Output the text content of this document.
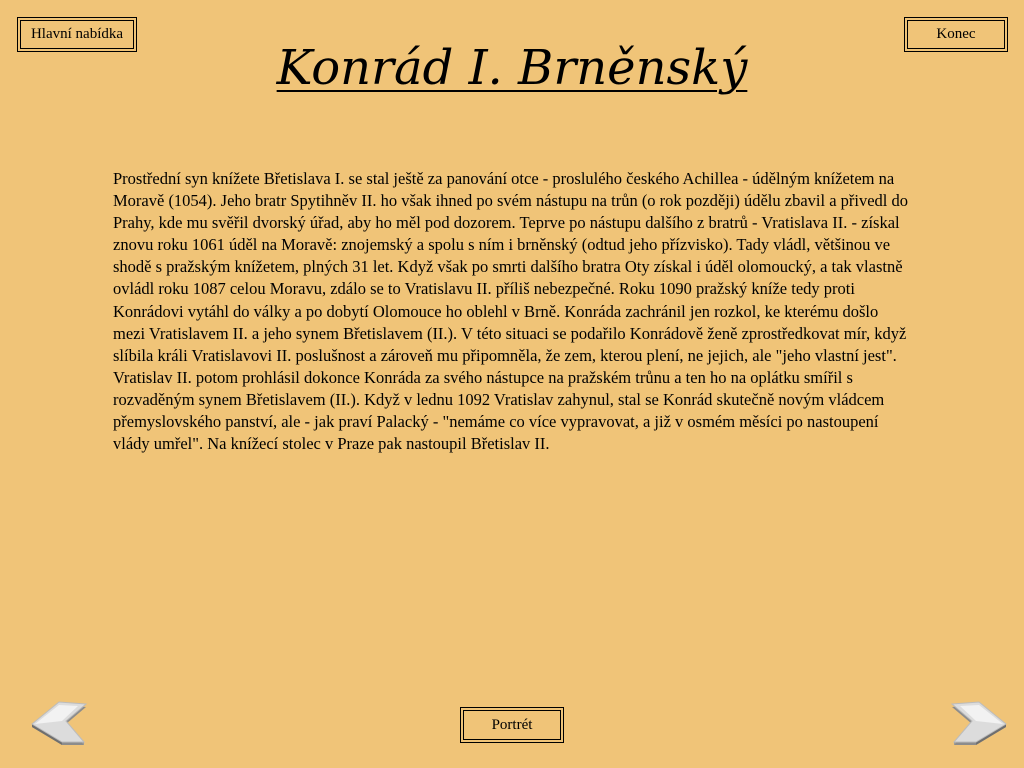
Hlavní nabídka	Konec
Konrád I. Brněnský

Prostřední syn knížete Břetislava I. se stal ještě za panování otce - proslulého českého Achillea - údělným knížetem na Moravě (1054). Jeho bratr Spytihněv II. ho však ihned po svém nástupu na trůn (o rok později) údělu zbavil a přivedl do Prahy, kde mu svěřil dvorský úřad, aby ho měl pod dozorem. Teprve po nástupu dalšího z bratrů - Vratislava II. - získal znovu roku 1061 úděl na Moravě: znojemský a spolu s ním i brněnský (odtud jeho přízvisko). Tady vládl, většinou ve shodě s pražským knížetem, plných 31 let. Když však po smrti dalšího bratra Oty získal i úděl olomoucký, a tak vlastně ovládl roku 1087 celou Moravu, zdálo se to Vratislavu II. příliš nebezpečné. Roku 1090 pražský kníže tedy proti Konrádovi vytáhl do války a po dobytí Olomouce ho oblehl v Brně. Konráda zachránil jen rozkol, ke kterému došlo mezi Vratislavem II. a jeho synem Břetislavem (II.). V této situaci se podařilo Konrádově ženě zprostředkovat mír, když slíbila králi Vratislavovi II. poslušnost a zároveň mu připomněla, že zem, kterou plení, ne jejich, ale "jeho vlastní jest". Vratislav II. potom prohlásil dokonce Konráda za svého nástupce na pražském trůnu a ten ho na oplátku smířil s rozvaděným synem Břetislavem (II.). Když v lednu 1092 Vratislav zahynul, stal se Konrád skutečně novým vládcem přemyslovského panství, ale - jak praví Palacký - "nemáme co více vypravovat, a již v osmém měsíci po nastoupení vlády umřel". Na knížecí stolec v Praze pak nastoupil Břetislav II.

Portrét
